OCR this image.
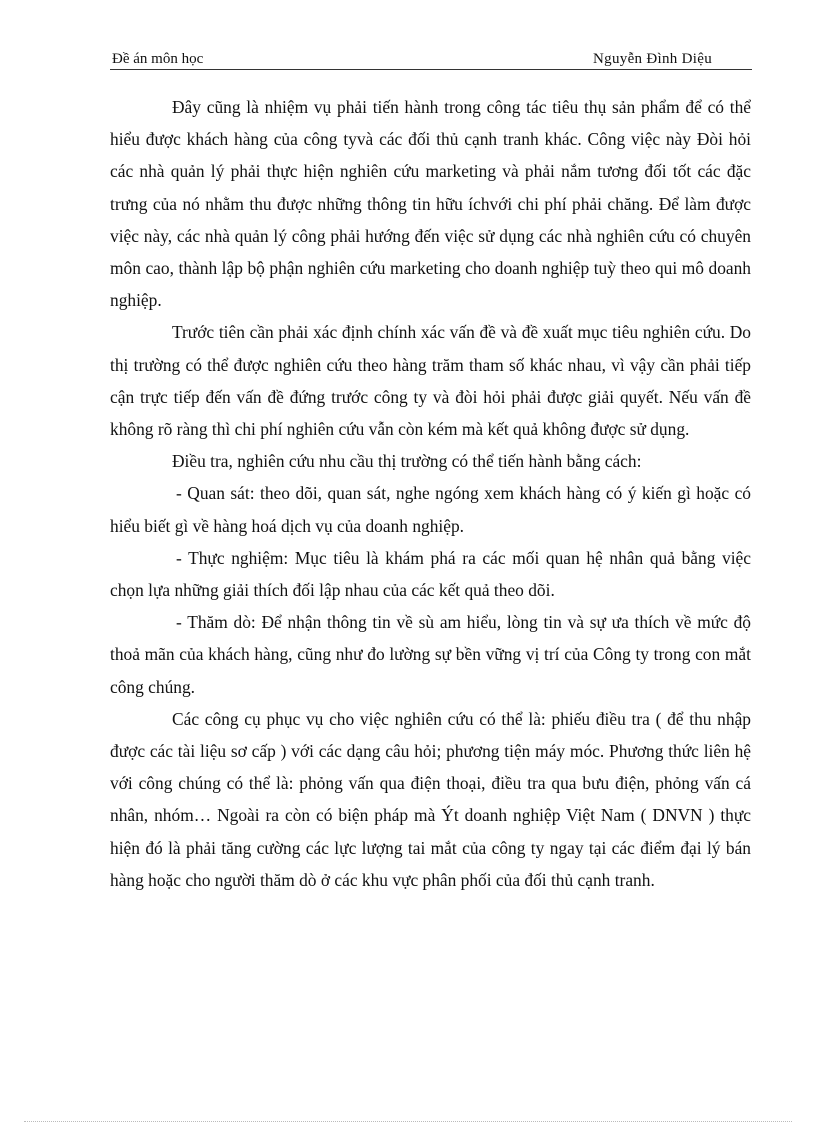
Đề án môn học	Nguyễn Đình Diệu

Đây cũng là nhiệm vụ phải tiến hành trong công tác tiêu thụ sản phẩm để có thể hiểu được khách hàng của công tyvà các đối thủ cạnh tranh khác. Công việc này Đòi hỏi các nhà quản lý phải thực hiện nghiên cứu marketing và phải nắm tương đối tốt các đặc trưng của nó nhằm thu được những thông tin hữu íchvới chi phí phải chăng. Để làm được việc này, các nhà quản lý công phải hướng đến việc sử dụng các nhà nghiên cứu có chuyên môn cao, thành lập bộ phận nghiên cứu marketing cho doanh nghiệp tuỳ theo qui mô doanh nghiệp.

Trước tiên cần phải xác định chính xác vấn đề và đề xuất mục tiêu nghiên cứu. Do thị trường có thể được nghiên cứu theo hàng trăm tham số khác nhau, vì vậy cần phải tiếp cận trực tiếp đến vấn đề đứng trước công ty và đòi hỏi phải được giải quyết. Nếu vấn đề không rõ ràng thì chi phí nghiên cứu vẫn còn kém mà kết quả không được sử dụng.

Điều tra, nghiên cứu nhu cầu thị trường có thể tiến hành bằng cách:

- Quan sát: theo dõi, quan sát, nghe ngóng xem khách hàng có ý kiến gì hoặc có hiểu biết gì về hàng hoá dịch vụ của doanh nghiệp.

- Thực nghiệm: Mục tiêu là khám phá ra các mối quan hệ nhân quả bằng việc chọn lựa những giải thích đối lập nhau của các kết quả theo dõi.

- Thăm dò: Để nhận thông tin về sù am hiểu, lòng tin và sự ưa thích về mức độ thoả mãn của khách hàng, cũng như đo lường sự bền vững vị trí của Công ty trong con mắt công chúng.

Các công cụ phục vụ cho việc nghiên cứu có thể là: phiếu điều tra ( để thu nhập được các tài liệu sơ cấp ) với các dạng câu hỏi; phương tiện máy móc. Phương thức liên hệ với công chúng có thể là: phỏng vấn qua điện thoại, điều tra qua bưu điện, phỏng vấn cá nhân, nhóm… Ngoài ra còn có biện pháp mà Ýt doanh nghiệp Việt Nam ( DNVN ) thực hiện đó là phải tăng cường các lực lượng tai mắt của công ty ngay tại các điểm đại lý bán hàng hoặc cho người thăm dò ở các khu vực phân phối của đối thủ cạnh tranh.
